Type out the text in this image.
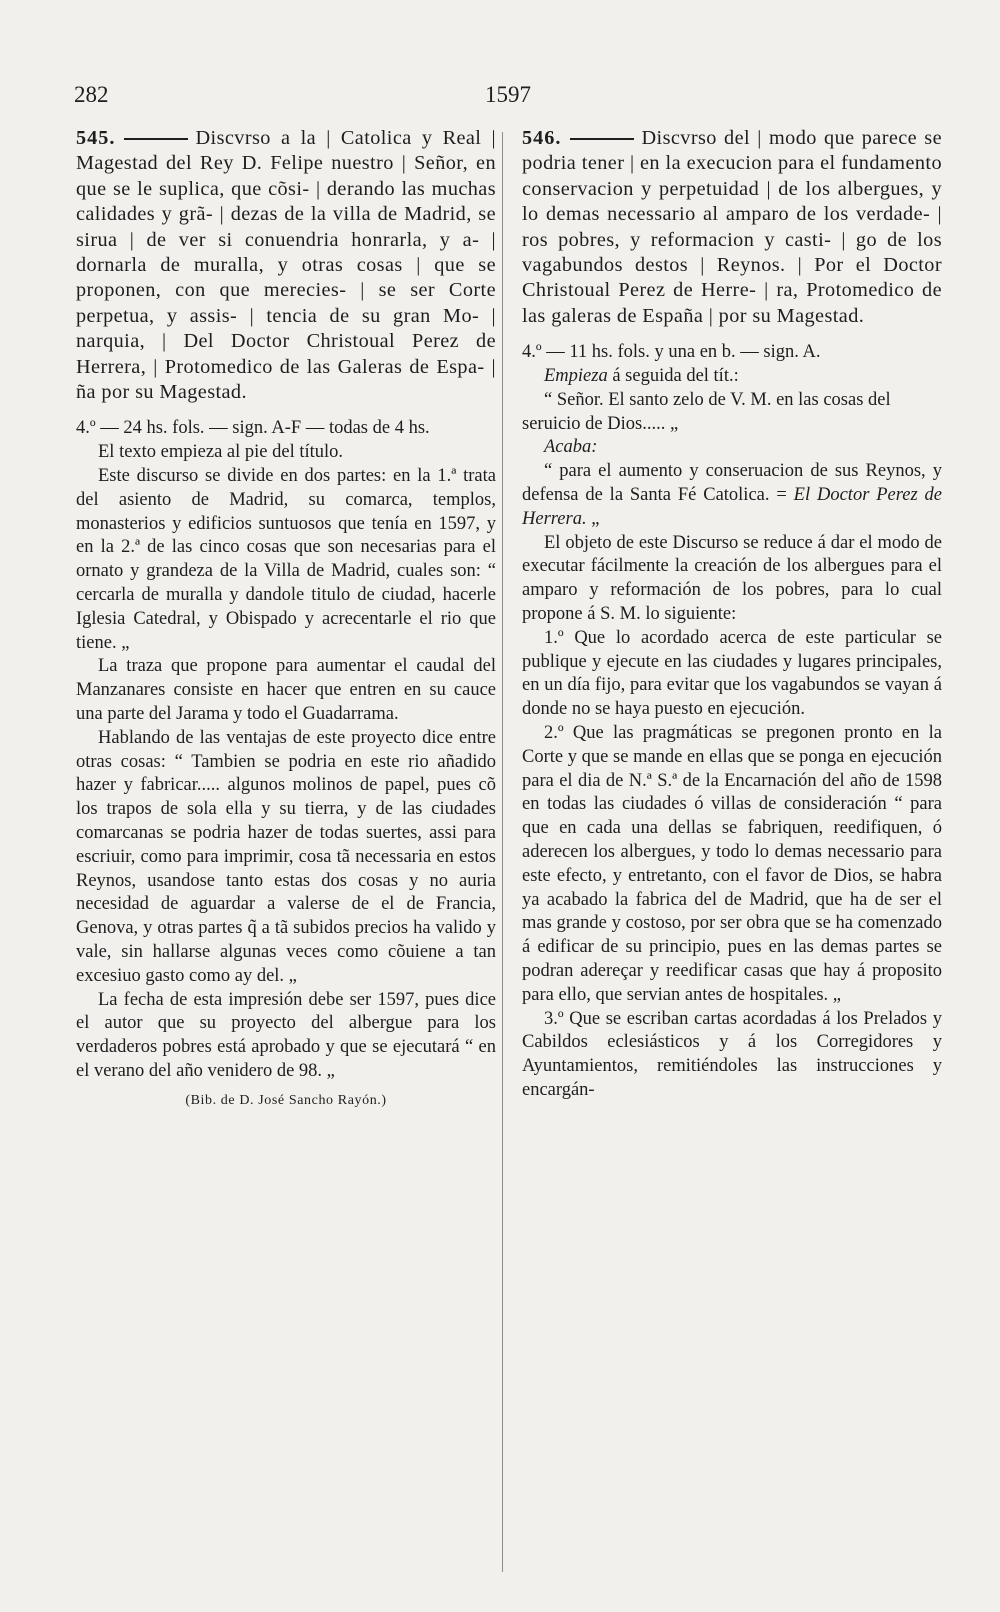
282	1597

545.	Discvrso a la | Catolica y Real | Magestad del Rey D. Felipe nuestro | Señor, en que se le suplica, que cõsi- | derando las muchas calidades y grã- | dezas de la villa de Madrid, se sirua | de ver si conuendria honrarla, y a- | dornarla de muralla, y otras cosas | que se proponen, con que merecies- | se ser Corte perpetua, y assis- | tencia de su gran Mo- | narquia, | Del Doctor Christoual Perez de Herrera, | Protomedico de las Galeras de Espa- | ña por su Magestad.

4.º — 24 hs. fols. — sign. A-F — todas de 4 hs.

El texto empieza al pie del título.

Este discurso se divide en dos partes: en la 1.ª trata del asiento de Madrid, su comarca, templos, monasterios y edificios suntuosos que tenía en 1597, y en la 2.ª de las cinco cosas que son necesarias para el ornato y grandeza de la Villa de Madrid, cuales son: “ cercarla de muralla y dandole titulo de ciudad, hacerle Iglesia Catedral, y Obispado y acrecentarle el rio que tiene. „

La traza que propone para aumentar el caudal del Manzanares consiste en hacer que entren en su cauce una parte del Jarama y todo el Guadarrama.

Hablando de las ventajas de este proyecto dice entre otras cosas: “ Tambien se podria en este rio añadido hazer y fabricar..... algunos molinos de papel, pues cõ los trapos de sola ella y su tierra, y de las ciudades comarcanas se podria hazer de todas suertes, assi para escriuir, como para imprimir, cosa tã necessaria en estos Reynos, usandose tanto estas dos cosas y no auria necesidad de aguardar a valerse de el de Francia, Genova, y otras partes q̃ a tã subidos precios ha valido y vale, sin hallarse algunas veces como cõuiene a tan excesiuo gasto como ay del. „

La fecha de esta impresión debe ser 1597, pues dice el autor que su proyecto del albergue para los verdaderos pobres está aprobado y que se ejecutará “ en el verano del año venidero de 98. „

(Bib. de D. José Sancho Rayón.)

546.	Discvrso del | modo que parece se podria tener | en la execucion para el fundamento conservacion y perpetuidad | de los albergues, y lo demas necessario al amparo de los verdade- | ros pobres, y reformacion y casti- | go de los vagabundos destos | Reynos. | Por el Doctor Christoual Perez de Herre- | ra, Protomedico de las galeras de España | por su Magestad.

4.º — 11 hs. fols. y una en b. — sign. A.

Empieza á seguida del tít.:

“ Señor. El santo zelo de V. M. en las cosas del seruicio de Dios..... „

Acaba:

“ para el aumento y conseruacion de sus Reynos, y defensa de la Santa Fé Catolica. = El Doctor Perez de Herrera. „

El objeto de este Discurso se reduce á dar el modo de executar fácilmente la creación de los albergues para el amparo y reformación de los pobres, para lo cual propone á S. M. lo siguiente:

1.º Que lo acordado acerca de este particular se publique y ejecute en las ciudades y lugares principales, en un día fijo, para evitar que los vagabundos se vayan á donde no se haya puesto en ejecución.

2.º Que las pragmáticas se pregonen pronto en la Corte y que se mande en ellas que se ponga en ejecución para el dia de N.ª S.ª de la Encarnación del año de 1598 en todas las ciudades ó villas de consideración “ para que en cada una dellas se fabriquen, reedifiquen, ó aderecen los albergues, y todo lo demas necessario para este efecto, y entretanto, con el favor de Dios, se habra ya acabado la fabrica del de Madrid, que ha de ser el mas grande y costoso, por ser obra que se ha comenzado á edificar de su principio, pues en las demas partes se podran adereçar y reedificar casas que hay á proposito para ello, que servian antes de hospitales. „

3.º Que se escriban cartas acordadas á los Prelados y Cabildos eclesiásticos y á los Corregidores y Ayuntamientos, remitiéndoles las instrucciones y encargán-
